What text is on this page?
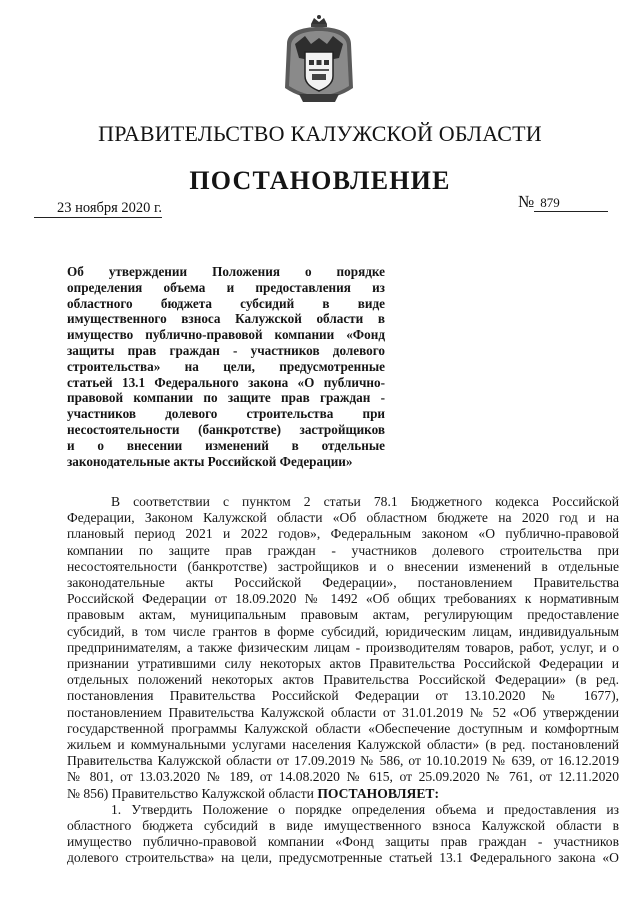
ПРАВИТЕЛЬСТВО КАЛУЖСКОЙ ОБЛАСТИ
ПОСТАНОВЛЕНИЕ
23 ноября 2020 г.	№ 879
Об утверждении Положения о порядке
определения объема и предоставления из
областного бюджета субсидий в виде
имущественного взноса Калужской области в
имущество публично-правовой компании «Фонд
защиты прав граждан - участников долевого
строительства» на цели, предусмотренные
статьей 13.1 Федерального закона «О публично-
правовой компании по защите прав граждан -
участников долевого строительства при
несостоятельности (банкротстве) застройщиков
и о внесении изменений в отдельные
законодательные акты Российской Федерации»
В соответствии с пунктом 2 статьи 78.1 Бюджетного кодекса Российской
Федерации, Законом Калужской области «Об областном бюджете на 2020 год и на
плановый период 2021 и 2022 годов», Федеральным законом «О публично-правовой
компании по защите прав граждан - участников долевого строительства при
несостоятельности (банкротстве) застройщиков и о внесении изменений в отдельные
законодательные акты Российской Федерации», постановлением Правительства
Российской Федерации от 18.09.2020 № 1492 «Об общих требованиях к нормативным
правовым актам, муниципальным правовым актам, регулирующим предоставление
субсидий, в том числе грантов в форме субсидий, юридическим лицам, индивидуальным
предпринимателям, а также физическим лицам - производителям товаров, работ, услуг, и о
признании утратившими силу некоторых актов Правительства Российской Федерации и
отдельных положений некоторых актов Правительства Российской Федерации» (в ред.
постановления Правительства Российской Федерации от 13.10.2020 № 1677),
постановлением Правительства Калужской области от 31.01.2019 № 52 «Об утверждении
государственной программы Калужской области «Обеспечение доступным и комфортным
жильем и коммунальными услугами населения Калужской области» (в ред. постановлений
Правительства Калужской области от 17.09.2019 № 586, от 10.10.2019 № 639, от 16.12.2019
№ 801, от 13.03.2020 № 189, от 14.08.2020 № 615, от 25.09.2020 № 761, от 12.11.2020
№ 856) Правительство Калужской области ПОСТАНОВЛЯЕТ:
1. Утвердить Положение о порядке определения объема и предоставления из
областного бюджета субсидий в виде имущественного взноса Калужской области в
имущество публично-правовой компании «Фонд защиты прав граждан - участников
долевого строительства» на цели, предусмотренные статьей 13.1 Федерального закона «О
